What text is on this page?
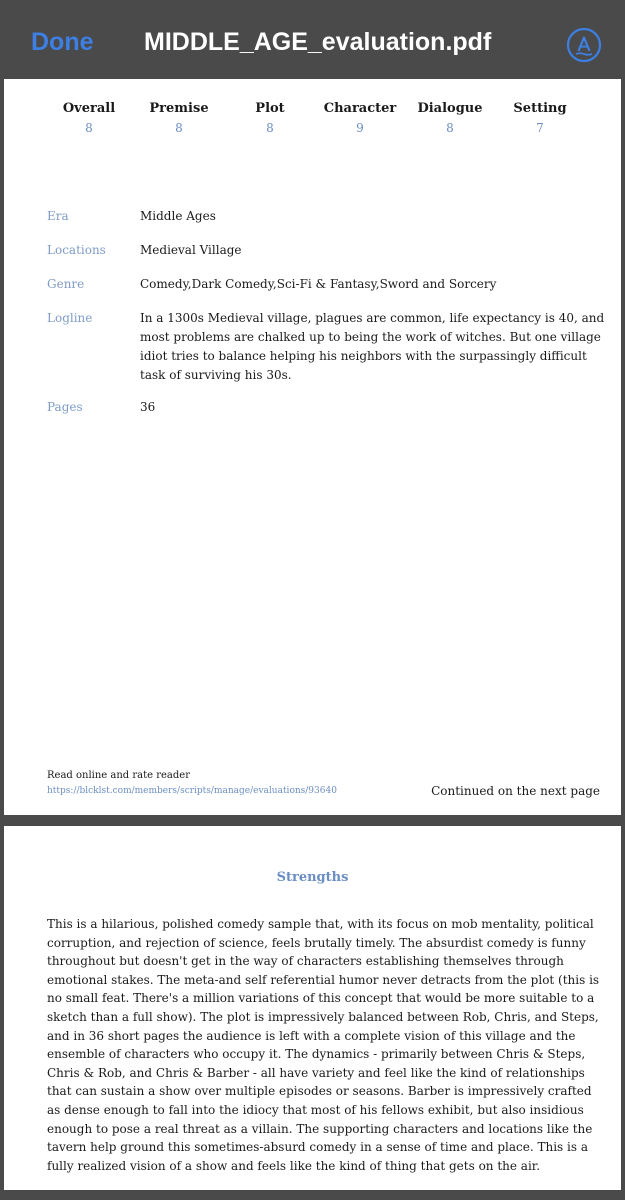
Done MIDDLE_AGE_evaluation.pdf
Overall
8
Premise
8
Plot
8
Character
9
Dialogue
8
Setting
7
Era	Middle Ages
Locations	Medieval Village
Genre	Comedy,Dark Comedy,Sci-Fi & Fantasy,Sword and Sorcery
Logline	In a 1300s Medieval village, plagues are common, life expectancy is 40, and most problems are chalked up to being the work of witches. But one village idiot tries to balance helping his neighbors with the surpassingly difficult task of surviving his 30s.
Pages	36
Read online and rate reader
https://blcklst.com/members/scripts/manage/evaluations/93640	Continued on the next page
Strengths
This is a hilarious, polished comedy sample that, with its focus on mob mentality, political corruption, and rejection of science, feels brutally timely. The absurdist comedy is funny throughout but doesn't get in the way of characters establishing themselves through emotional stakes. The meta-and self referential humor never detracts from the plot (this is no small feat. There's a million variations of this concept that would be more suitable to a sketch than a full show). The plot is impressively balanced between Rob, Chris, and Steps, and in 36 short pages the audience is left with a complete vision of this village and the ensemble of characters who occupy it. The dynamics - primarily between Chris & Steps, Chris & Rob, and Chris & Barber - all have variety and feel like the kind of relationships that can sustain a show over multiple episodes or seasons. Barber is impressively crafted as dense enough to fall into the idiocy that most of his fellows exhibit, but also insidious enough to pose a real threat as a villain. The supporting characters and locations like the tavern help ground this sometimes-absurd comedy in a sense of time and place. This is a fully realized vision of a show and feels like the kind of thing that gets on the air.
